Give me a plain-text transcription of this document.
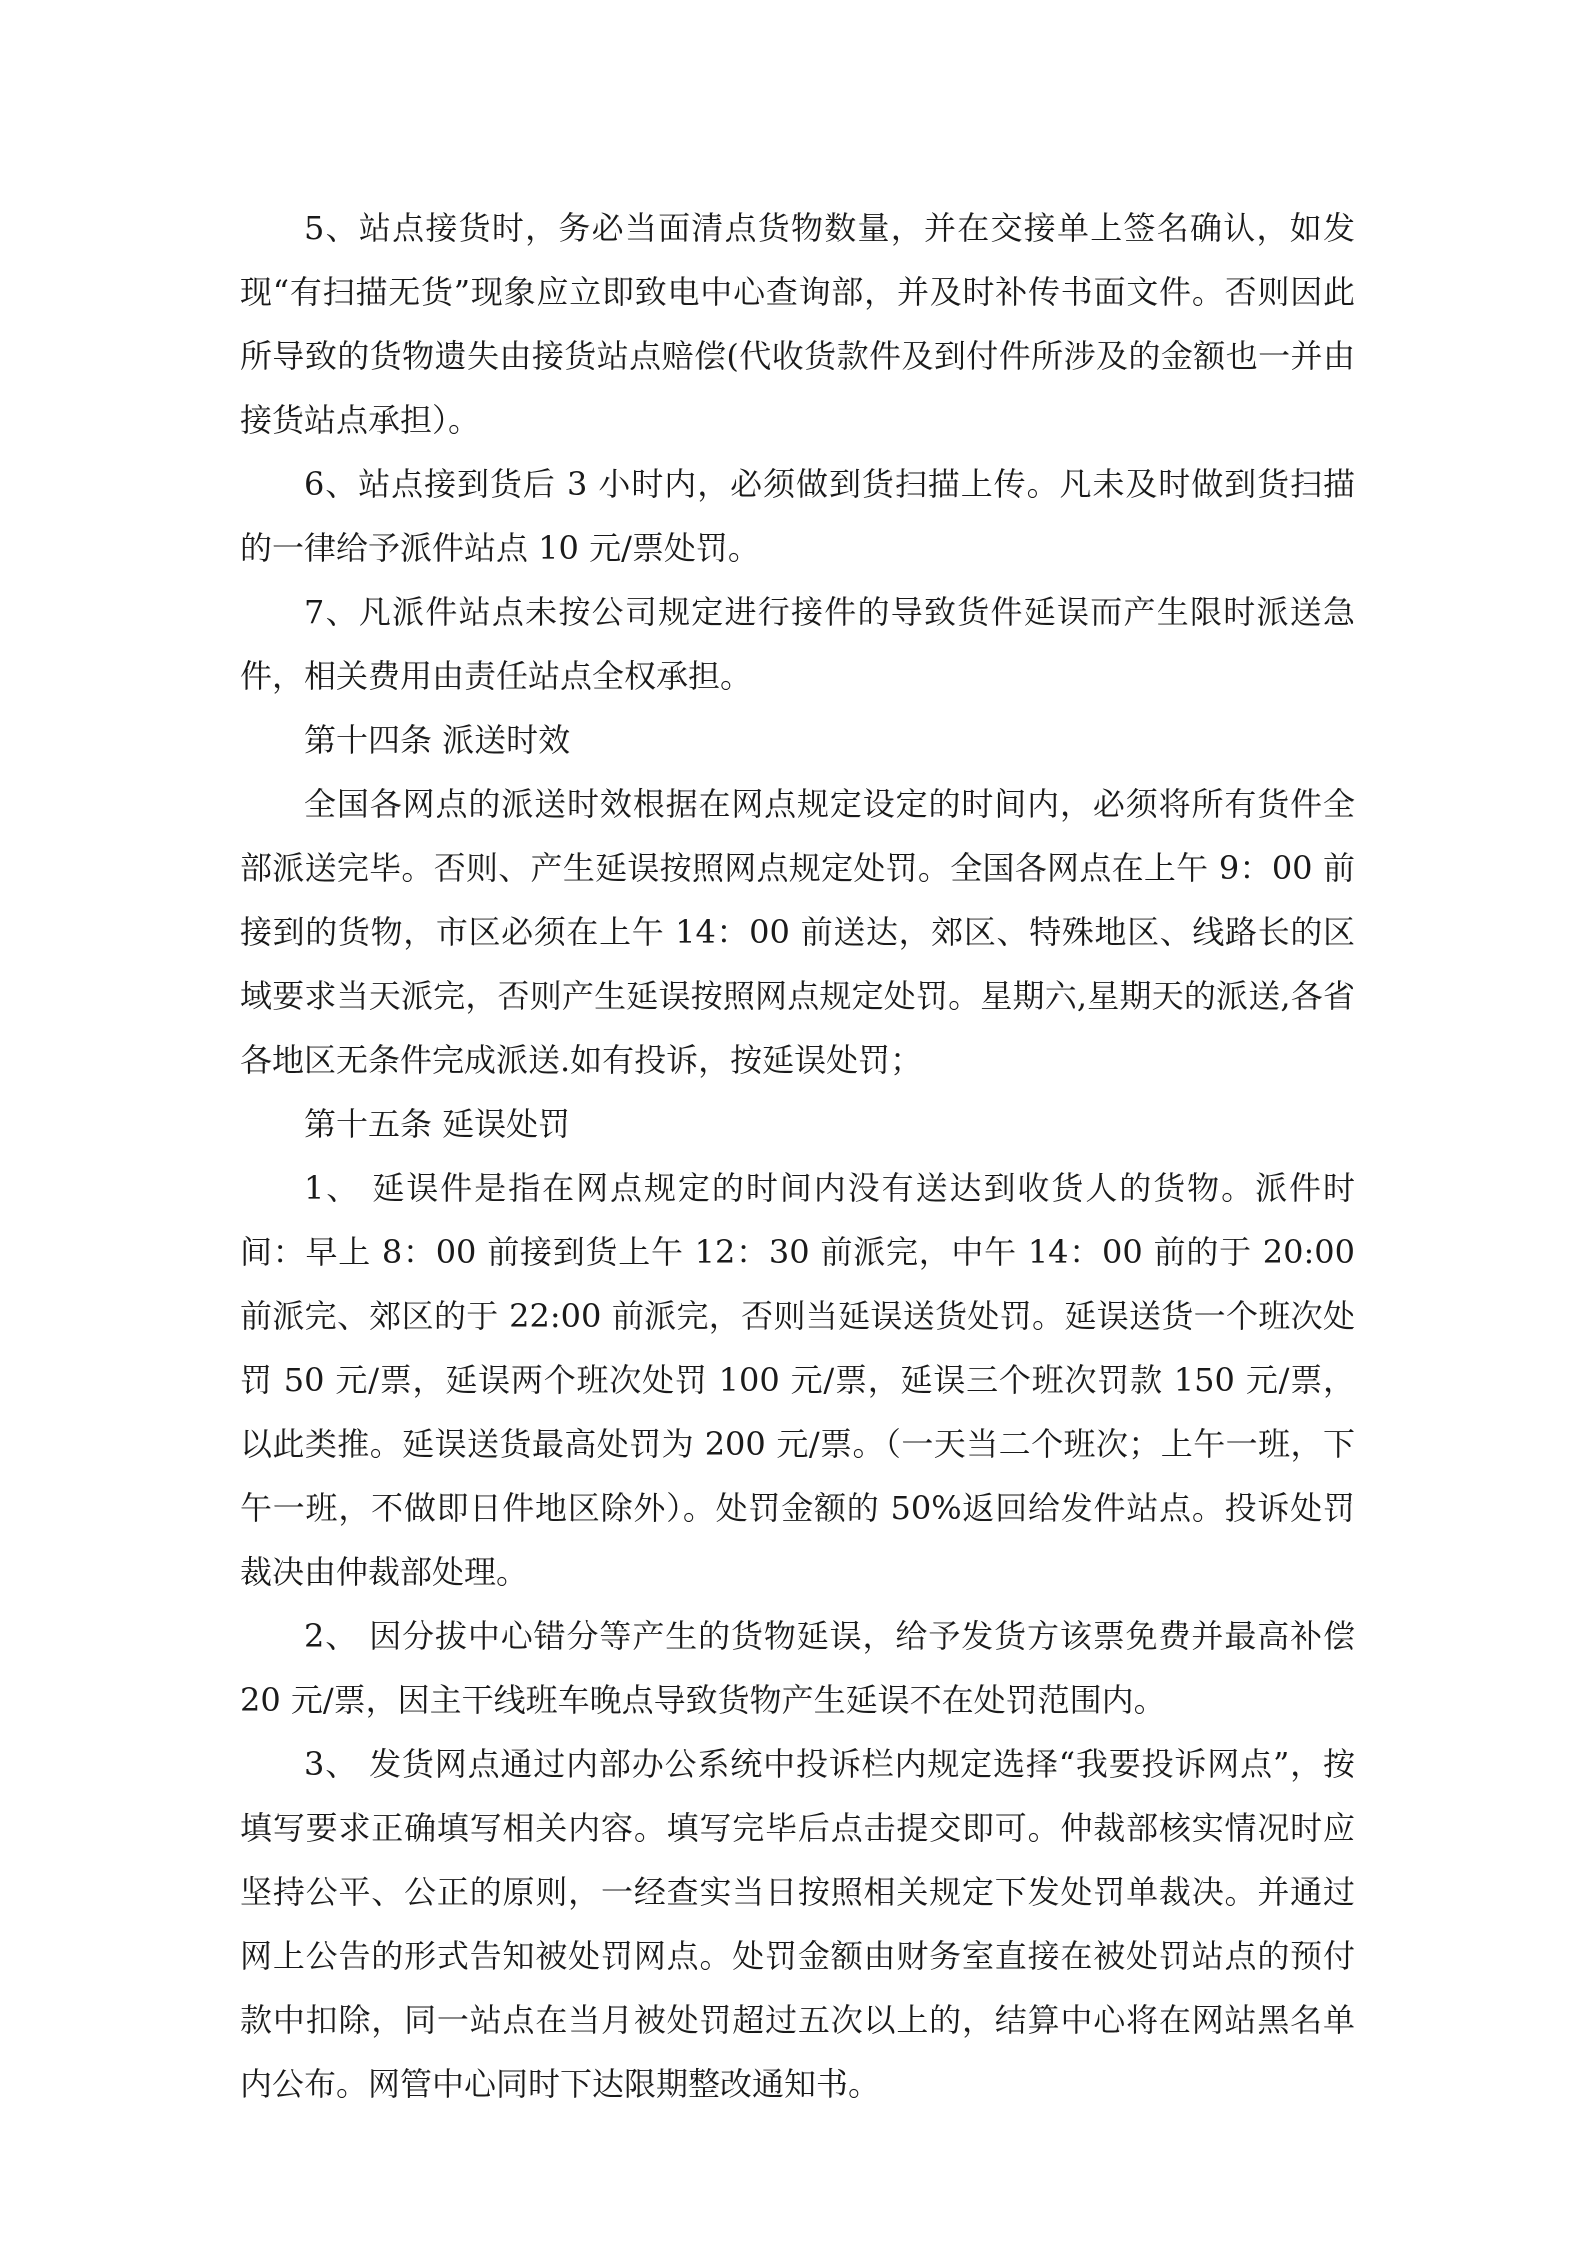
5、站点接货时，务必当面清点货物数量，并在交接单上签名确认，如发现“有扫描无货”现象应立即致电中心查询部，并及时补传书面文件。否则因此所导致的货物遗失由接货站点赔偿(代收货款件及到付件所涉及的金额也一并由接货站点承担）。

6、站点接到货后 3 小时内，必须做到货扫描上传。凡未及时做到货扫描的一律给予派件站点 10 元/票处罚。

7、凡派件站点未按公司规定进行接件的导致货件延误而产生限时派送急件，相关费用由责任站点全权承担。

第十四条 派送时效

全国各网点的派送时效根据在网点规定设定的时间内，必须将所有货件全部派送完毕。否则、产生延误按照网点规定处罚。全国各网点在上午 9：00 前接到的货物，市区必须在上午 14：00 前送达，郊区、特殊地区、线路长的区域要求当天派完，否则产生延误按照网点规定处罚。星期六,星期天的派送,各省各地区无条件完成派送.如有投诉，按延误处罚；

第十五条 延误处罚

1、 延误件是指在网点规定的时间内没有送达到收货人的货物。派件时间：早上 8：00 前接到货上午 12：30 前派完，中午 14：00 前的于 20:00 前派完、郊区的于 22:00 前派完，否则当延误送货处罚。延误送货一个班次处罚 50 元/票，延误两个班次处罚 100 元/票，延误三个班次罚款 150 元/票，以此类推。延误送货最高处罚为 200 元/票。（一天当二个班次；上午一班，下午一班，不做即日件地区除外）。处罚金额的 50%返回给发件站点。投诉处罚裁决由仲裁部处理。

2、 因分拔中心错分等产生的货物延误，给予发货方该票免费并最高补偿 20 元/票，因主干线班车晚点导致货物产生延误不在处罚范围内。

3、 发货网点通过内部办公系统中投诉栏内规定选择“我要投诉网点”，按填写要求正确填写相关内容。填写完毕后点击提交即可。仲裁部核实情况时应坚持公平、公正的原则，一经查实当日按照相关规定下发处罚单裁决。并通过网上公告的形式告知被处罚网点。处罚金额由财务室直接在被处罚站点的预付款中扣除，同一站点在当月被处罚超过五次以上的，结算中心将在网站黑名单内公布。网管中心同时下达限期整改通知书。
